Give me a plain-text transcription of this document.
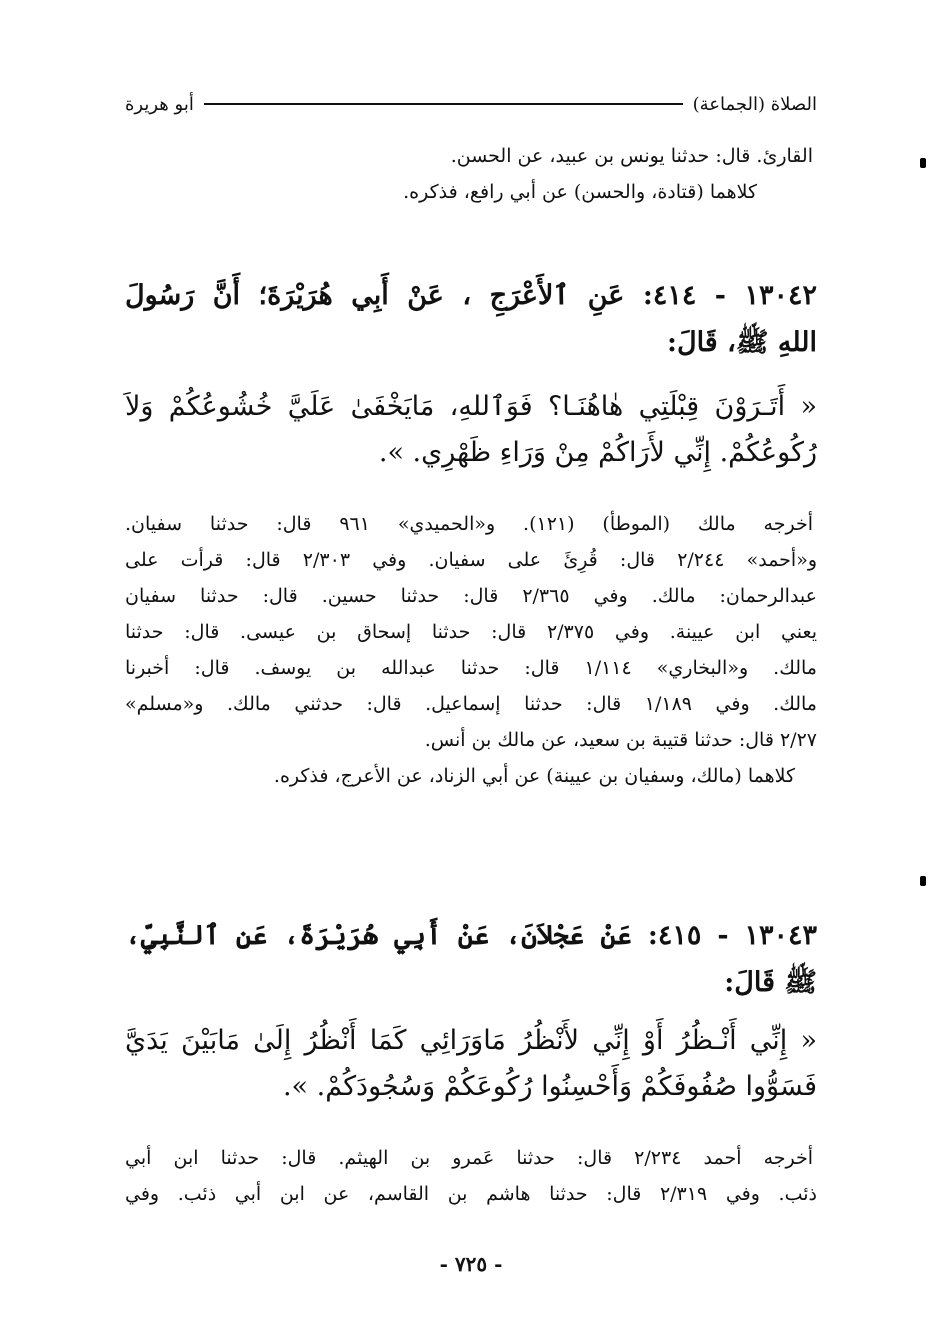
الصلاة (الجماعة)
أبو هريرة
القارئ. قال: حدثنا يونس بن عبيد، عن الحسن.
كلاهما (قتادة، والحسن) عن أبي رافع، فذكره.
١٣٠٤٢ - ٤١٤: عَنِ ٱلأَعْرَجِ ، عَنْ أَبِي هُرَيْرَةَ؛ أَنَّ رَسُولَ
اللهِ ﷺ، قَالَ:
« أَتَـرَوْنَ قِبْلَتِي هٰاهُنَـا؟ فَوَٱللهِ، مَايَخْفَىٰ عَلَيَّ خُشُوعُكُمْ وَلاَ
رُكُوعُكُمْ. إِنِّي لأَرَاكُمْ مِنْ وَرَاءِ ظَهْرِي. ».
أخرجه مالك (الموطأ) (١٢١). و«الحميدي» ٩٦١ قال: حدثنا سفيان.
و«أحمد» ٢/٢٤٤ قال: قُرِئَ على سفيان. وفي ٢/٣٠٣ قال: قرأت على
عبدالرحمان: مالك. وفي ٢/٣٦٥ قال: حدثنا حسين. قال: حدثنا سفيان
يعني ابن عيينة. وفي ٢/٣٧٥ قال: حدثنا إسحاق بن عيسى. قال: حدثنا
مالك. و«البخاري» ١/١١٤ قال: حدثنا عبدالله بن يوسف. قال: أخبرنا
مالك. وفي ١/١٨٩ قال: حدثنا إسماعيل. قال: حدثني مالك. و«مسلم»
٢/٢٧ قال: حدثنا قتيبة بن سعيد، عن مالك بن أنس.
كلاهما (مالك، وسفيان بن عيينة) عن أبي الزناد، عن الأعرج، فذكره.
١٣٠٤٣ - ٤١٥: عَنْ عَجْلاَنَ، عَنْ أَبِي هُرَيْرَةَ، عَنِ ٱلنَّبِيِّ،
ﷺ قَالَ:
« إِنِّي أَنْـظُرُ أَوْ إِنِّي لأَنْظُرُ مَاوَرَائِي كَمَا أَنْظُرُ إِلَىٰ مَابَيْنَ يَدَيَّ
فَسَوُّوا صُفُوفَكُمْ وَأَحْسِنُوا رُكُوعَكُمْ وَسُجُودَكُمْ. ».
أخرجه أحمد ٢/٢٣٤ قال: حدثنا عَمرو بن الهيثم. قال: حدثنا ابن أبي
ذئب. وفي ٢/٣١٩ قال: حدثنا هاشم بن القاسم، عن ابن أبي ذئب. وفي
- ٧٢٥ -
